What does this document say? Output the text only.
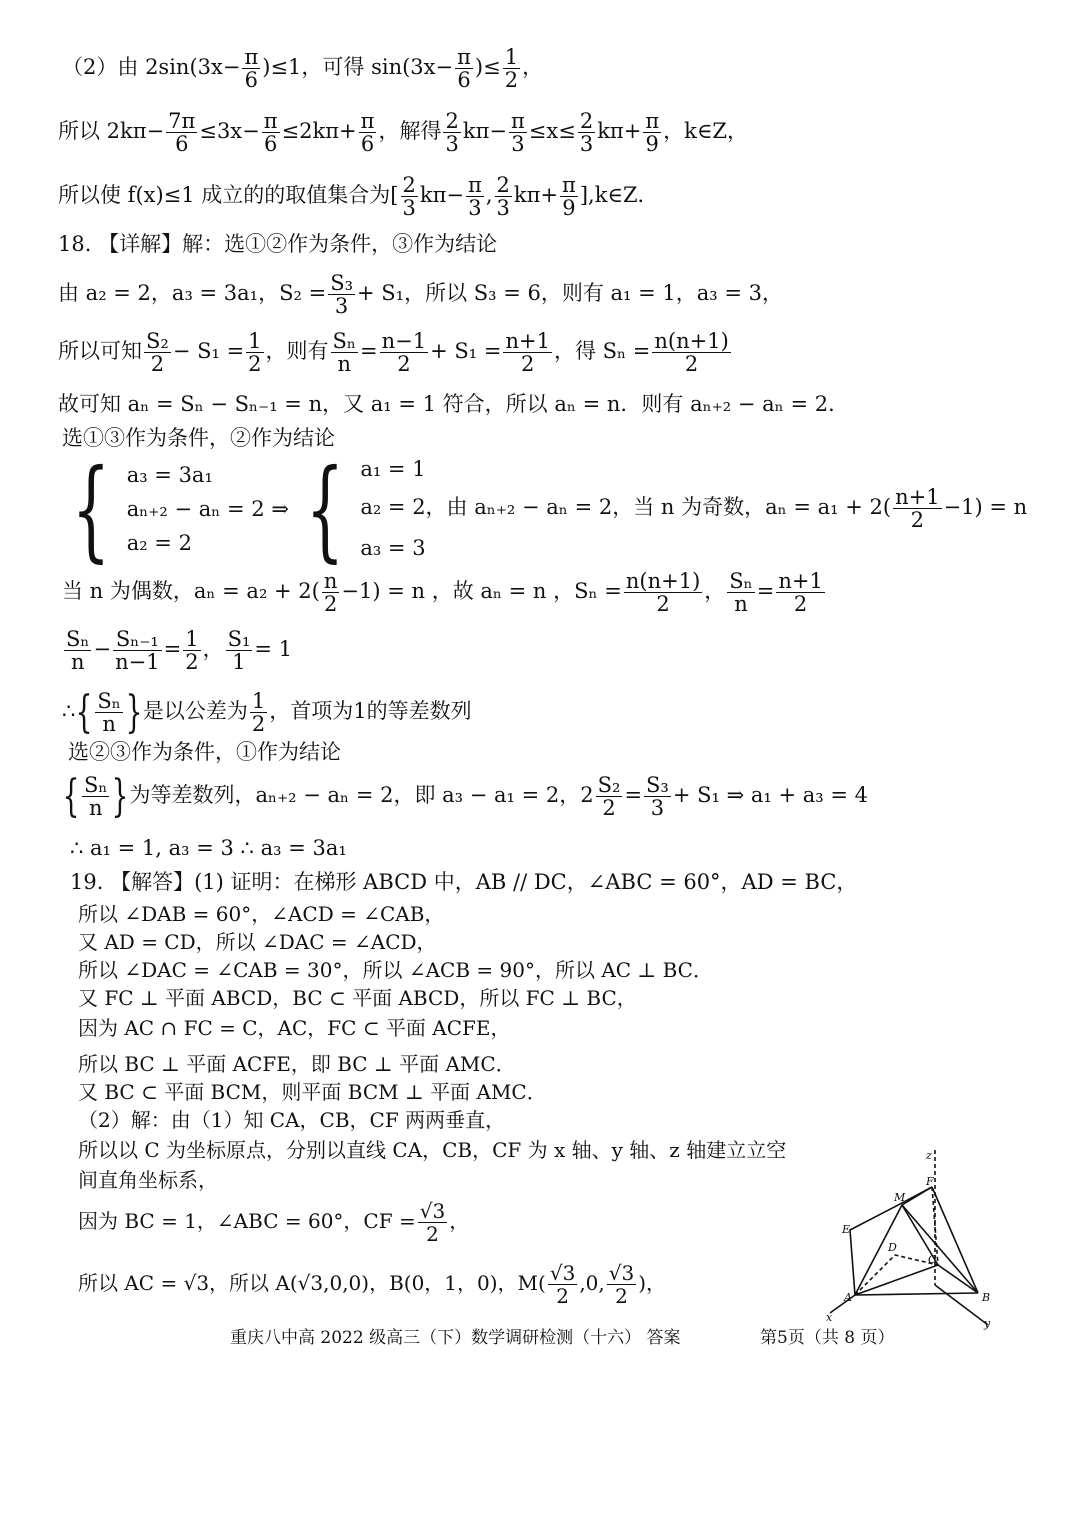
（2）由 $2\sin(3x- \frac{\pi}{6} )\le 1$，可得 $\sin(3x- \frac{\pi}{6}$ )≤ $\frac{1}{2}$ ，
所以 $2k\pi- \frac{7\pi}{6} \le 3x- \frac{\pi}{6} \le 2k\pi+ \frac{\pi}{6}$ ，解得 $\frac{2}{3} k\pi- \frac{\pi}{3} \le x\le \frac{2}{3} k\pi+ \frac{\pi}{9}$ ，k∈Z，
所以使 f(x)≤1 成立的的取值集合为[ $\frac{2}{3} k\pi- \frac{\pi}{3}$ , $\frac{2}{3} k\pi+ \frac{\pi}{9}$ ],k∈Z．
18. 【详解】解：选①②作为条件，③作为结论
由 a₂ = 2，a₃ = 3a₁，$S_2 = \frac{\text{S₃}}{3} + S_1$，所以 S₃ = 6，则有 a₁ = 1，a₃ = 3，
所以可知 $\frac{\text{S₂}}{2} - S_1 = \frac{1}{2}$ ，则有 $\frac{\text{Sₙ}}{n} = \frac{n-1}{2} + S_1 = \frac{n+1}{2}$ ，得 $S_n = \frac{n(n+1)}{2}$
故可知 aₙ = Sₙ − Sₙ₋₁ = n，又 a₁ = 1 符合，所以 aₙ = n．则有 aₙ₊₂ − aₙ = 2．
选①③作为条件，②作为结论
{ a₃ = 3a₁
aₙ₊₂ − aₙ = 2 ⇒
a₂ = 2	{ a₁ = 1
a₂ = 2，由 aₙ₊₂ − aₙ = 2，当 n 为奇数，$a_n = a_1 + 2( \frac{n+1}{2} -1) = n$
a₃ = 3
当 n 为偶数，$a_n = a_2 + 2( \frac{n}{2} -1) = n$ ，故 aₙ = n ，$S_n = \frac{n(n+1)}{2}$ ， $\frac{\text{Sₙ}}{n} = \frac{n+1}{2}$
$\frac{\text{Sₙ}}{n} - \frac{\text{Sₙ₋₁}}{n-1} = \frac{1}{2}$ ， $\frac{\text{S₁}}{1} = 1$
∴{ $\frac{\text{Sₙ}}{n}$ }是以公差为 $\frac{1}{2}$ ，首项为1的等差数列
选②③作为条件，①作为结论
{ $\frac{\text{Sₙ}}{n}$ }为等差数列，aₙ₊₂ − aₙ = 2，即 a₃ − a₁ = 2，$2 \frac{\text{S₂}}{2} = \frac{\text{S₃}}{3} + S_1$ ⇒ a₁ + a₃ = 4
∴ a₁ = 1, a₃ = 3 ∴ a₃ = 3a₁
19. 【解答】(1) 证明：在梯形 ABCD 中，AB // DC，∠ABC = 60°，AD = BC，
所以 ∠DAB = 60°，∠ACD = ∠CAB，
又 AD = CD，所以 ∠DAC = ∠ACD，
所以 ∠DAC = ∠CAB = 30°，所以 ∠ACB = 90°，所以 AC ⊥ BC．
又 FC ⊥ 平面 ABCD，BC ⊂ 平面 ABCD，所以 FC ⊥ BC，
因为 AC ∩ FC = C，AC，FC ⊂ 平面 ACFE，
所以 BC ⊥ 平面 ACFE，即 BC ⊥ 平面 AMC．
又 BC ⊂ 平面 BCM，则平面 BCM ⊥ 平面 AMC．
（2）解：由（1）知 CA，CB，CF 两两垂直，
所以以 C 为坐标原点，分别以直线 CA，CB，CF 为 x 轴、y 轴、z 轴建立立空
间直角坐标系，
因为 BC = 1，∠ABC = 60°，CF = $\frac{√3}{2}$ ，
所以 AC = √3，所以 A(√3,0,0)，B(0，1，0)，$M( \frac{√3}{2} ,0$, $\frac{√3}{2}$ )，
z
F
M
E
D
C
A	B
x	y
重庆八中高 2022 级高三（下）数学调研检测（十六） 答案	第5页（共 8 页）
